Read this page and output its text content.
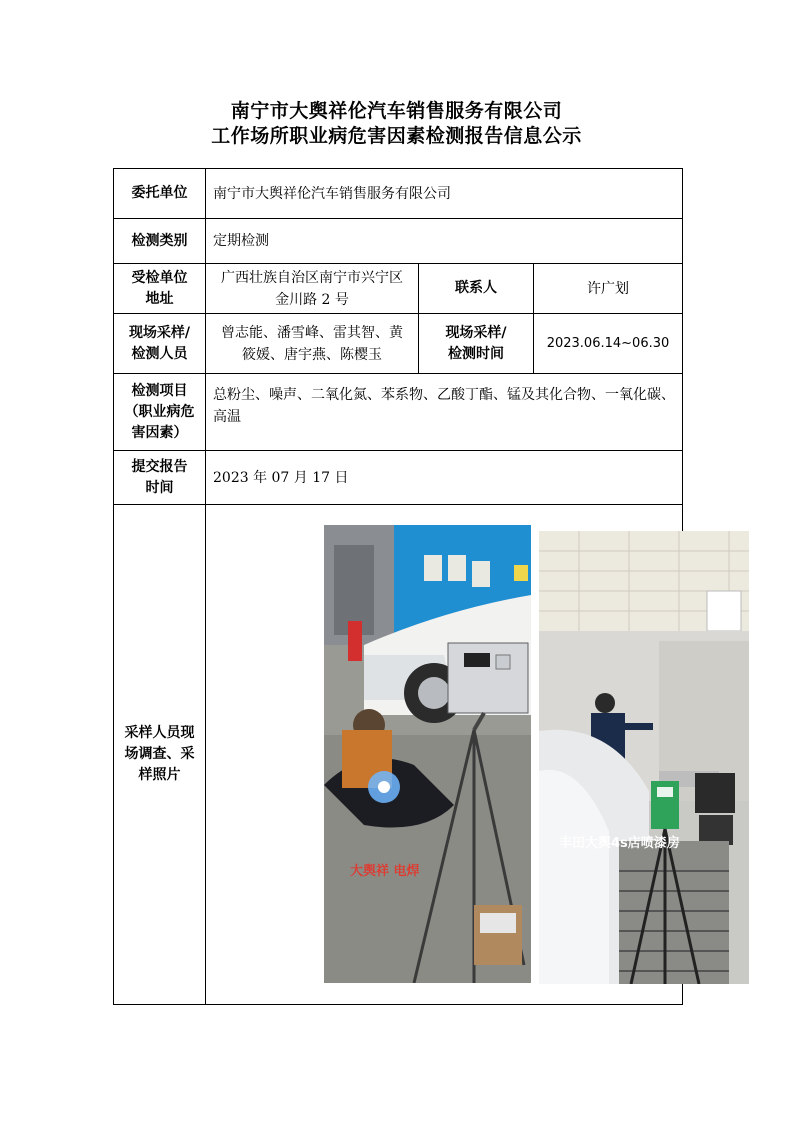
南宁市大舆祥伦汽车销售服务有限公司
工作场所职业病危害因素检测报告信息公示
委托单位	南宁市大舆祥伦汽车销售服务有限公司		
检测类别	定期检测		

受检单位地址	广西壮族自治区南宁市兴宁区金川路 2 号	联系人	许广划

现场采样/检测人员	曾志能、潘雪峰、雷其智、黄筱媛、唐宇燕、陈樱玉	现场采样/检测时间	2023.06.14~06.30

检测项目（职业病危害因素）	总粉尘、噪声、二氧化氮、苯系物、乙酸丁酯、锰及其化合物、一氧化碳、高温		

提交报告时间	2023 年 07 月 17 日		

采样人员现场调查、采样照片	大舆祥 电焊
丰田大舆4s店喷漆房		
